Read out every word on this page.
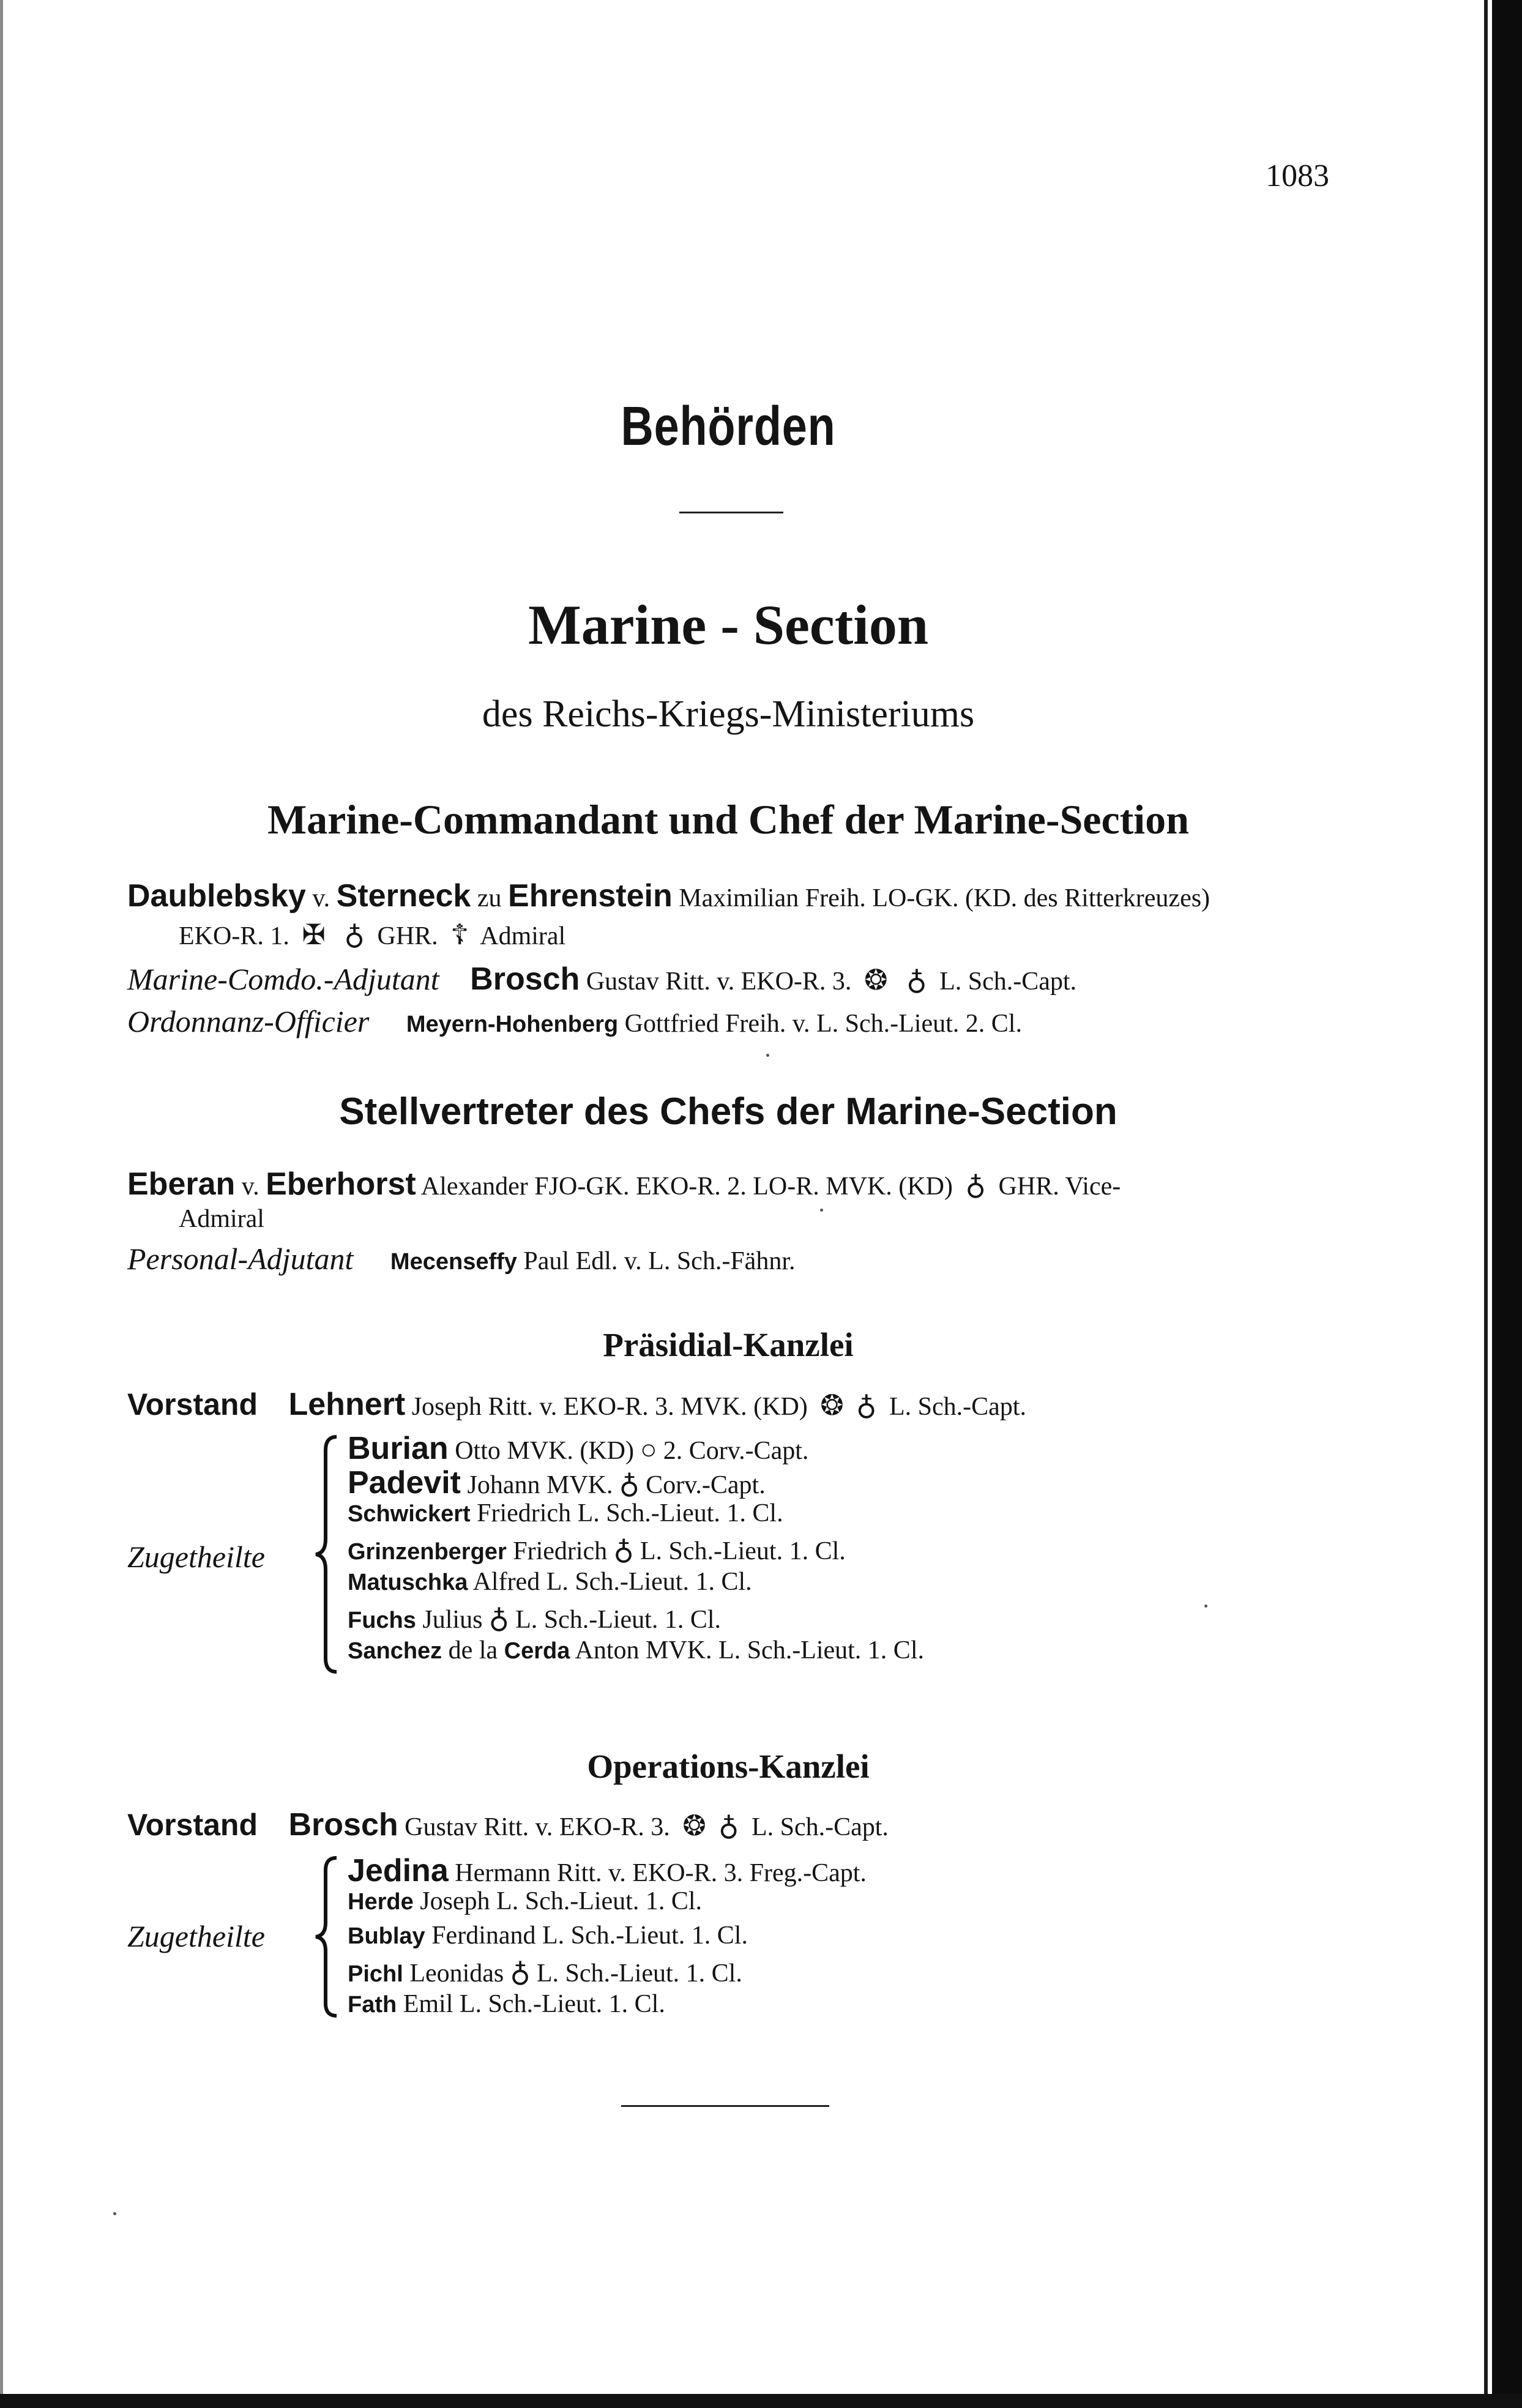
1083
Behörden
Marine - Section
des Reichs-Kriegs-Ministeriums
Marine-Commandant und Chef der Marine-Section
Daublebsky v. Sterneck zu Ehrenstein Maximilian Freih. LO-GK. (KD. des Ritterkreuzes)
EKO-R. 1. ✠ ♁ GHR. ☦ Admiral
Marine-Comdo.-Adjutant Brosch Gustav Ritt. v. EKO-R. 3. ❂ ♁ L. Sch.-Capt.
Ordonnanz-Officier Meyern-Hohenberg Gottfried Freih. v. L. Sch.-Lieut. 2. Cl.
Stellvertreter des Chefs der Marine-Section
Eberan v. Eberhorst Alexander FJO-GK. EKO-R. 2. LO-R. MVK. (KD) ♁ GHR. Vice-
Admiral
Personal-Adjutant Mecenseffy Paul Edl. v. L. Sch.-Fähnr.
Präsidial-Kanzlei
Vorstand Lehnert Joseph Ritt. v. EKO-R. 3. MVK. (KD) ❂ ♁ L. Sch.-Capt.
Zugetheilte
Burian Otto MVK. (KD) ○ 2. Corv.-Capt.
Padevit Johann MVK. ♁ Corv.-Capt.
Schwickert Friedrich L. Sch.-Lieut. 1. Cl.
Grinzenberger Friedrich ♁ L. Sch.-Lieut. 1. Cl.
Matuschka Alfred L. Sch.-Lieut. 1. Cl.
Fuchs Julius ♁ L. Sch.-Lieut. 1. Cl.
Sanchez de la Cerda Anton MVK. L. Sch.-Lieut. 1. Cl.
Operations-Kanzlei
Vorstand Brosch Gustav Ritt. v. EKO-R. 3. ❂ ♁ L. Sch.-Capt.
Zugetheilte
Jedina Hermann Ritt. v. EKO-R. 3. Freg.-Capt.
Herde Joseph L. Sch.-Lieut. 1. Cl.
Bublay Ferdinand L. Sch.-Lieut. 1. Cl.
Pichl Leonidas ♁ L. Sch.-Lieut. 1. Cl.
Fath Emil L. Sch.-Lieut. 1. Cl.
